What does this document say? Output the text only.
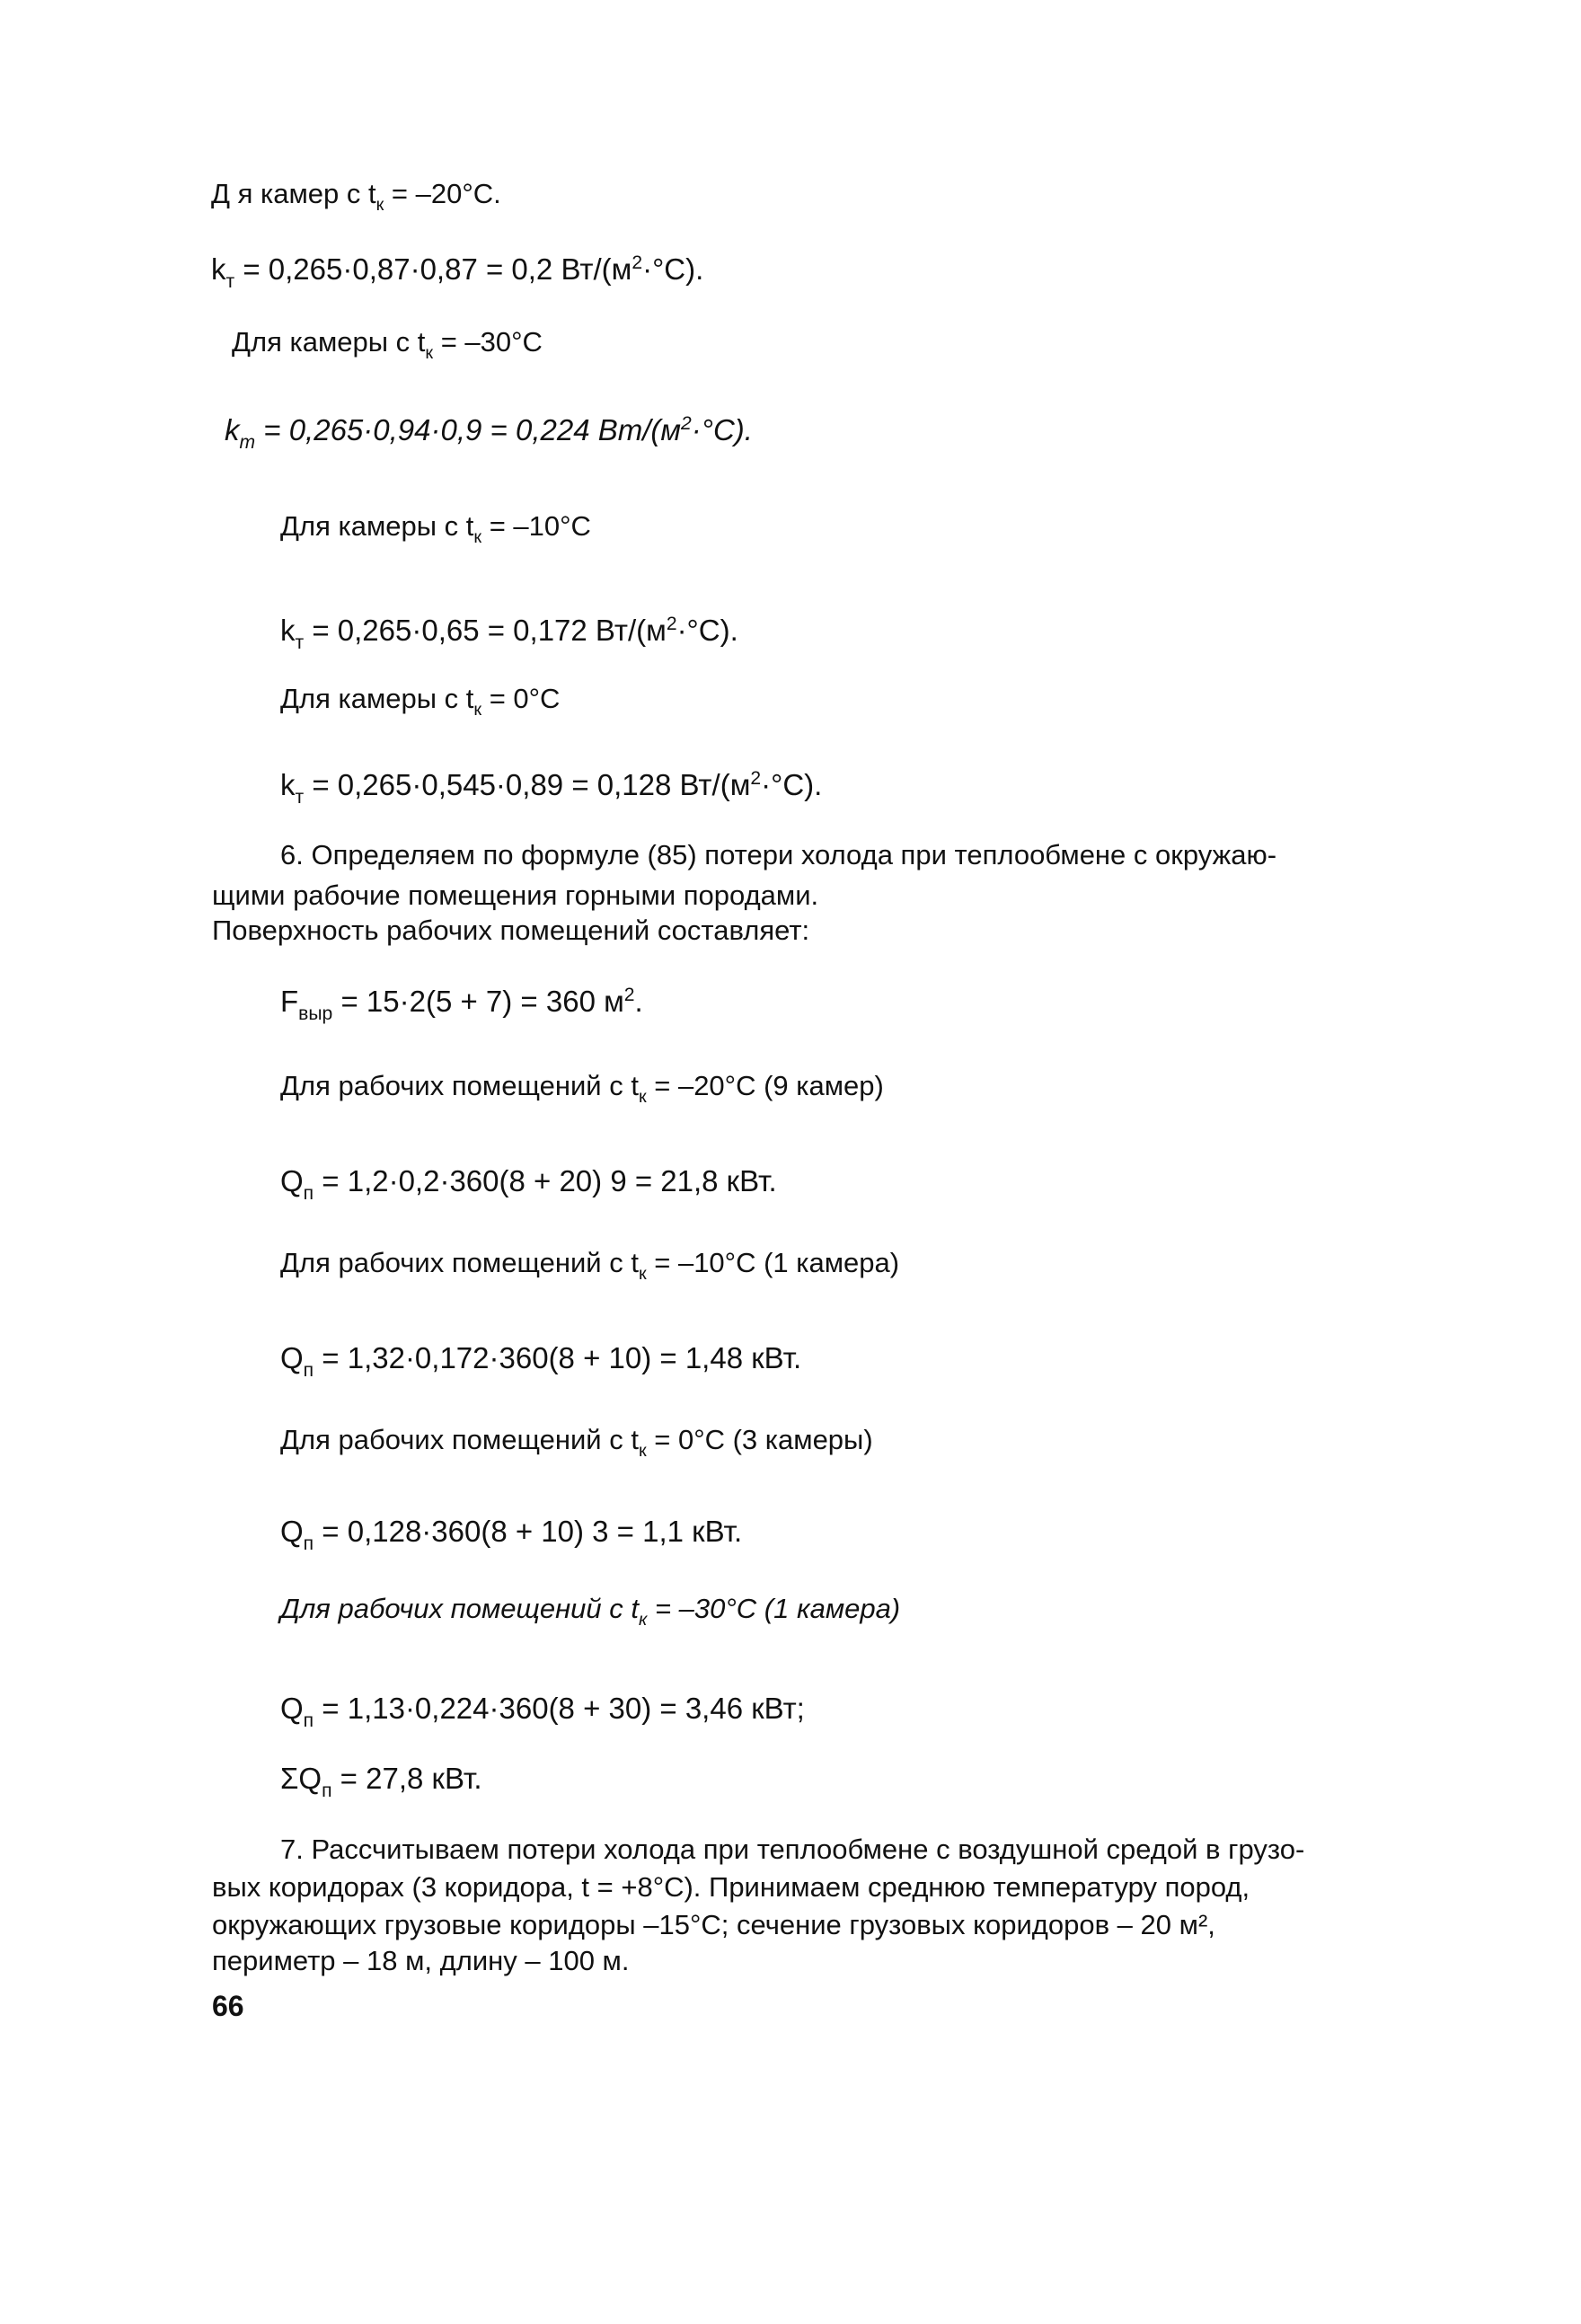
Д я камер с $t_к = -20^\circ С$.
$k_т = 0,265\cdot 0,87\cdot 0,87 = 0,2$ $Вт/(м^2\cdot^\circ С)$.
Для камеры с $t_к = -30^\circ С$
$k_т = 0,265\cdot 0,94\cdot 0,9 = 0,224$ $Вт/(м^2\cdot^\circ С)$.
Для камеры с $t_к = -10^\circ С$
$k_т = 0,265\cdot 0,65 = 0,172$ $Вт/(м^2\cdot^\circ С)$.
Для камеры с $t_к = 0^\circ С$
$k_т = 0,265\cdot 0,545\cdot 0,89 = 0,128$ $Вт/(м^2\cdot^\circ С)$.
6. Определяем по формуле (85) потери холода при теплообмене с окружаю-
щими рабочие помещения горными породами.
Поверхность рабочих помещений составляет:
$F_{выр} = 15\cdot 2(5 + 7) = 360$ $м^2$.
Для рабочих помещений с $t_к = -20^\circ С$ (9 камер)
$Q_п = 1,2\cdot 0,2\cdot 360(8 + 20) 9 = 21,8$ кВт.
Для рабочих помещений с $t_к = -10^\circ С$ (1 камера)
$Q_п = 1,32\cdot 0,172\cdot 360(8 + 10) = 1,48$ кВт.
Для рабочих помещений с $t_к = 0^\circ С$ (3 камеры)
$Q_п = 0,128\cdot 360(8 + 10) 3 = 1,1$ кВт.
Для рабочих помещений с $t_к = -30^\circ С$ (1 камера)
$Q_п = 1,13\cdot 0,224\cdot 360(8 + 30) = 3,46$ кВт;
$\Sigma Q_п = 27,8$ кВт.
7. Рассчитываем потери холода при теплообмене с воздушной средой в грузо-
вых коридорах (3 коридора, t = +8°С). Принимаем среднюю температуру пород,
окружающих грузовые коридоры –15°С; сечение грузовых коридоров – 20 м²,
периметр – 18 м, длину – 100 м.
66
